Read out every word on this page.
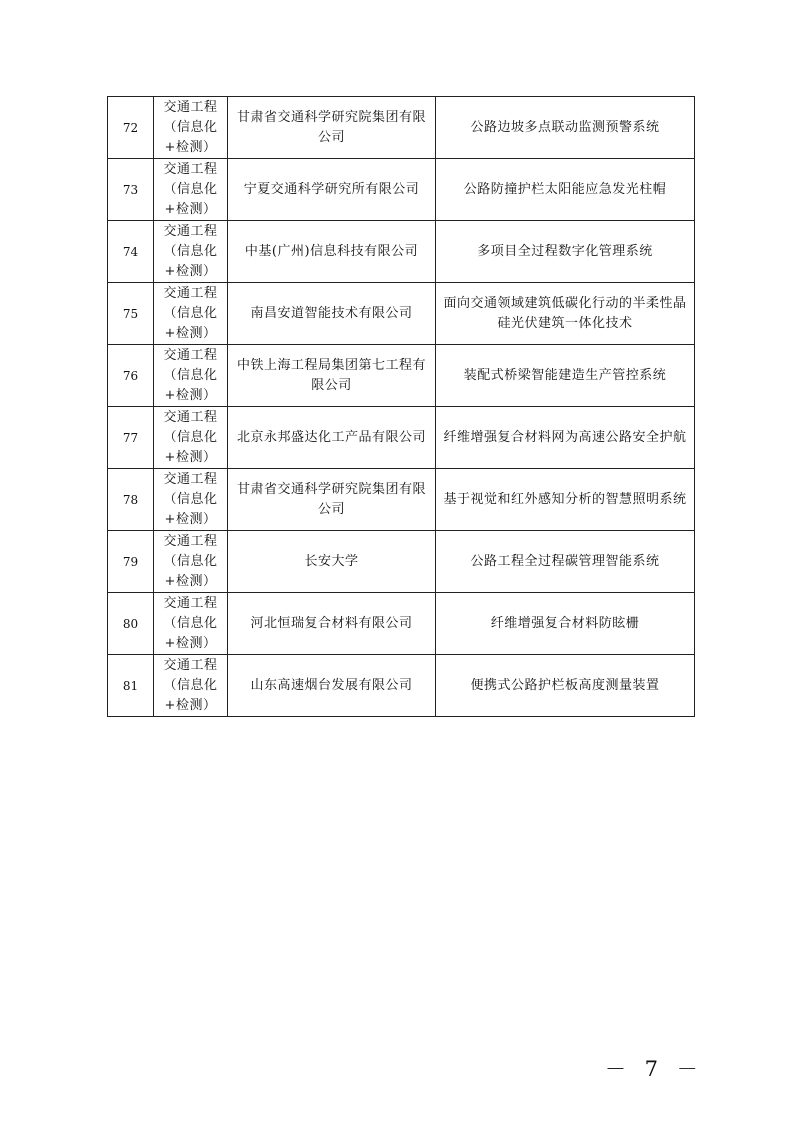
72	交通工程
（信息化
+检测）	甘肃省交通科学研究院集团有限公司	公路边坡多点联动监测预警系统
73	交通工程
（信息化
+检测）	宁夏交通科学研究所有限公司	公路防撞护栏太阳能应急发光柱帽
74	交通工程
（信息化
+检测）	中基(广州)信息科技有限公司	多项目全过程数字化管理系统
75	交通工程
（信息化
+检测）	南昌安道智能技术有限公司	面向交通领域建筑低碳化行动的半柔性晶硅光伏建筑一体化技术
76	交通工程
（信息化
+检测）	中铁上海工程局集团第七工程有限公司	装配式桥梁智能建造生产管控系统
77	交通工程
（信息化
+检测）	北京永邦盛达化工产品有限公司	纤维增强复合材料网为高速公路安全护航
78	交通工程
（信息化
+检测）	甘肃省交通科学研究院集团有限公司	基于视觉和红外感知分析的智慧照明系统
79	交通工程
（信息化
+检测）	长安大学	公路工程全过程碳管理智能系统
80	交通工程
（信息化
+检测）	河北恒瑞复合材料有限公司	纤维增强复合材料防眩栅
81	交通工程
（信息化
+检测）	山东高速烟台发展有限公司	便携式公路护栏板高度测量装置
－ 7 －
